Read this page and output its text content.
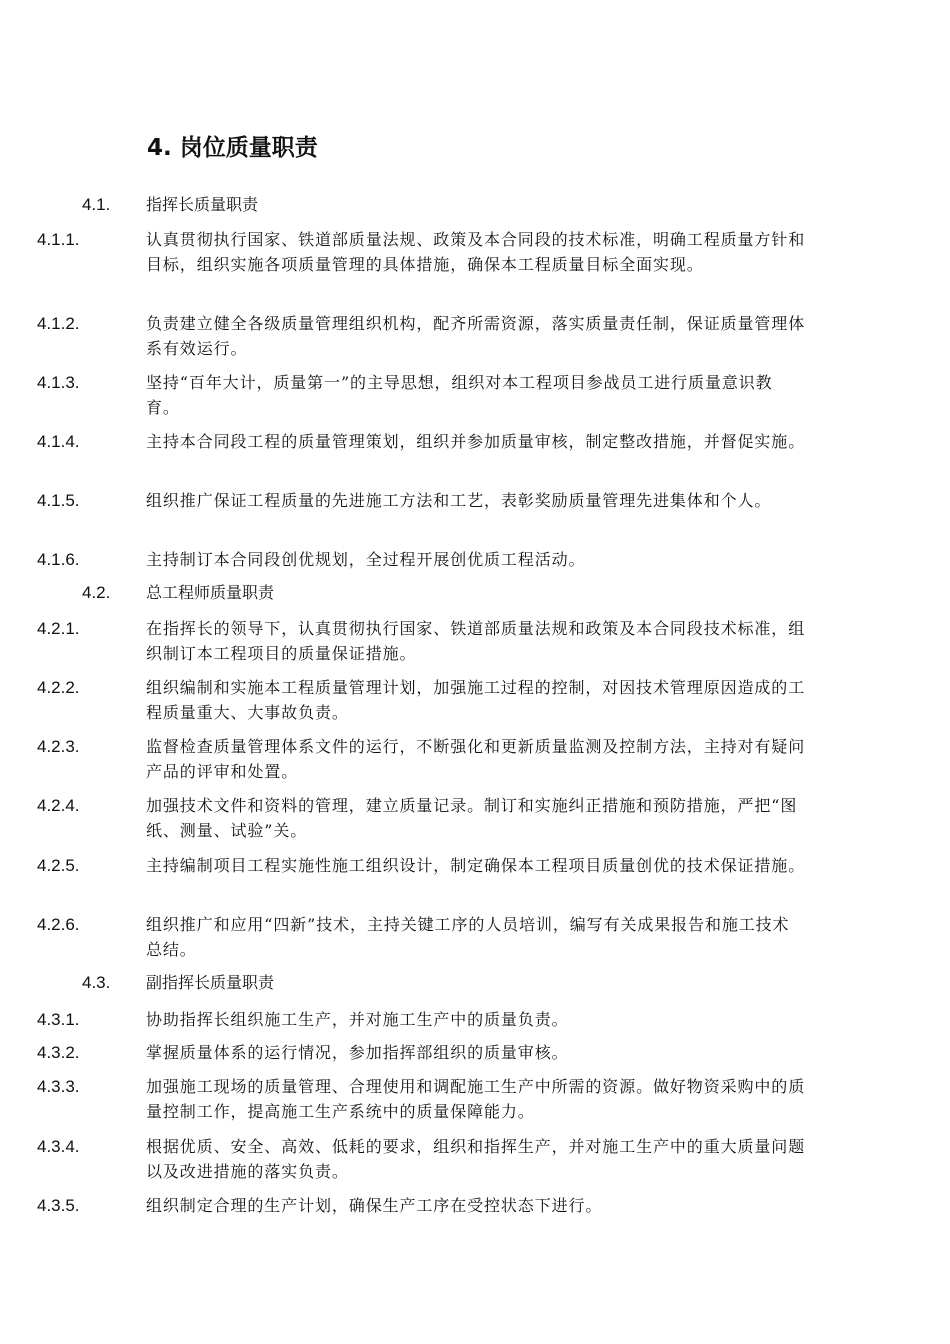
4. 岗位质量职责
4.1. 指挥长质量职责
4.1.1.	认真贯彻执行国家、铁道部质量法规、政策及本合同段的技术标准，明确工程质量方针和目标，组织实施各项质量管理的具体措施，确保本工程质量目标全面实现。
4.1.2.	负责建立健全各级质量管理组织机构，配齐所需资源，落实质量责任制，保证质量管理体系有效运行。
4.1.3.	坚持“百年大计，质量第一”的主导思想，组织对本工程项目参战员工进行质量意识教育。
4.1.4.	主持本合同段工程的质量管理策划，组织并参加质量审核，制定整改措施，并督促实施。
4.1.5.	组织推广保证工程质量的先进施工方法和工艺，表彰奖励质量管理先进集体和个人。
4.1.6.	主持制订本合同段创优规划，全过程开展创优质工程活动。
4.2. 总工程师质量职责
4.2.1.	在指挥长的领导下，认真贯彻执行国家、铁道部质量法规和政策及本合同段技术标准，组织制订本工程项目的质量保证措施。
4.2.2.	组织编制和实施本工程质量管理计划，加强施工过程的控制，对因技术管理原因造成的工程质量重大、大事故负责。
4.2.3.	监督检查质量管理体系文件的运行，不断强化和更新质量监测及控制方法，主持对有疑问产品的评审和处置。
4.2.4.	加强技术文件和资料的管理，建立质量记录。制订和实施纠正措施和预防措施，严把“图纸、测量、试验”关。
4.2.5.	主持编制项目工程实施性施工组织设计，制定确保本工程项目质量创优的技术保证措施。
4.2.6.	组织推广和应用“四新”技术，主持关键工序的人员培训，编写有关成果报告和施工技术总结。
4.3. 副指挥长质量职责
4.3.1.	协助指挥长组织施工生产，并对施工生产中的质量负责。
4.3.2.	掌握质量体系的运行情况，参加指挥部组织的质量审核。
4.3.3.	加强施工现场的质量管理、合理使用和调配施工生产中所需的资源。做好物资采购中的质量控制工作，提高施工生产系统中的质量保障能力。
4.3.4.	根据优质、安全、高效、低耗的要求，组织和指挥生产，并对施工生产中的重大质量问题以及改进措施的落实负责。
4.3.5.	组织制定合理的生产计划，确保生产工序在受控状态下进行。
